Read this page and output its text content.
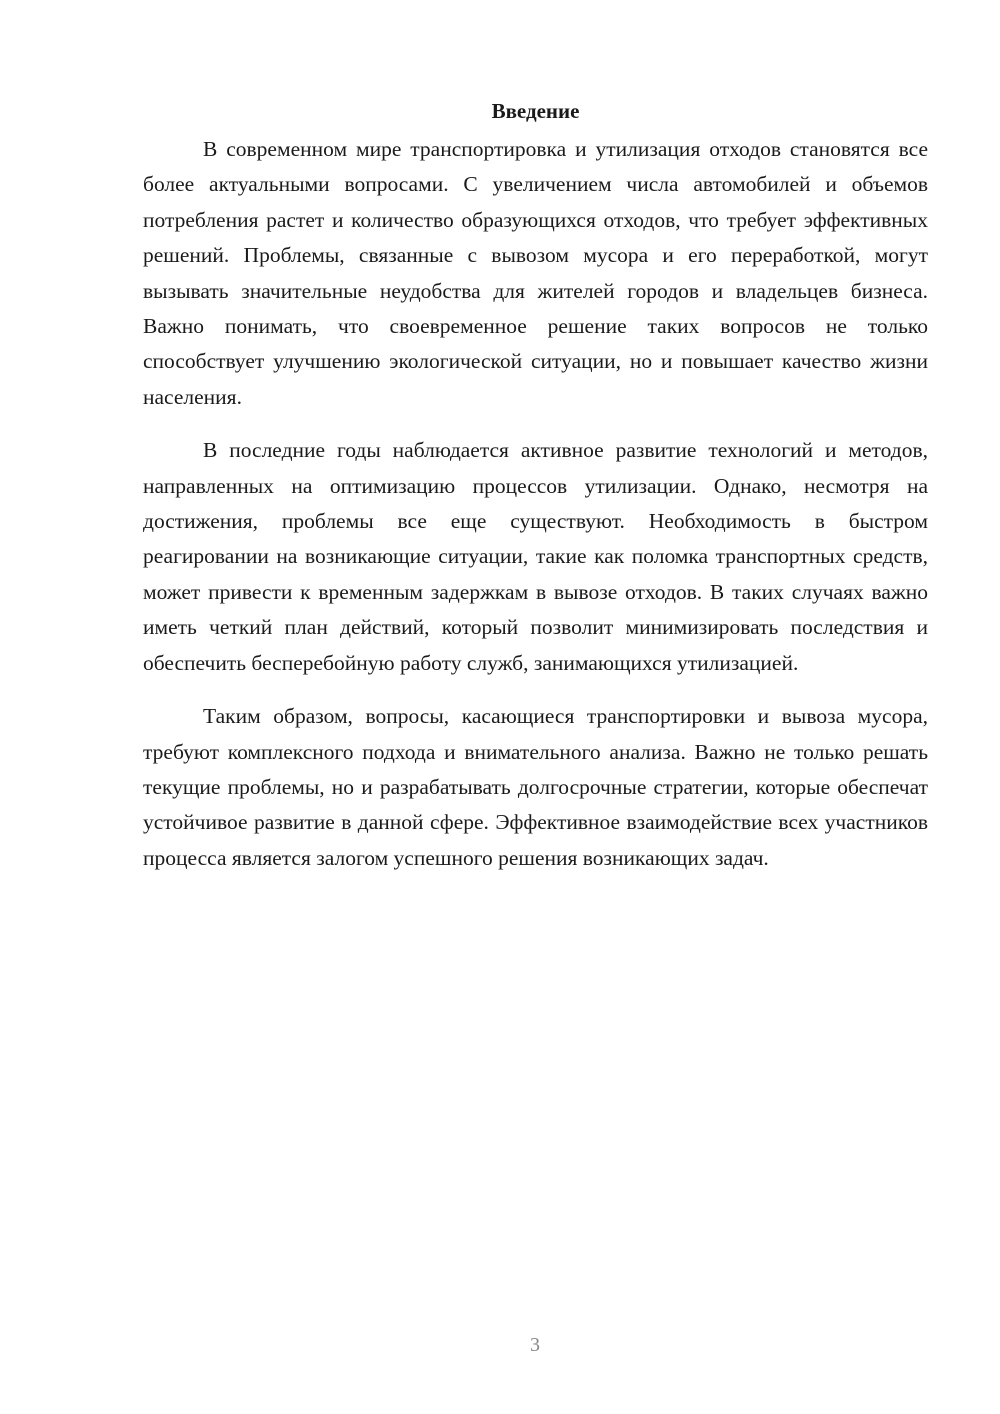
Введение

В современном мире транспортировка и утилизация отходов становятся все более актуальными вопросами. С увеличением числа автомобилей и объемов потребления растет и количество образующихся отходов, что требует эффективных решений. Проблемы, связанные с вывозом мусора и его переработкой, могут вызывать значительные неудобства для жителей городов и владельцев бизнеса. Важно понимать, что своевременное решение таких вопросов не только способствует улучшению экологической ситуации, но и повышает качество жизни населения.

В последние годы наблюдается активное развитие технологий и методов, направленных на оптимизацию процессов утилизации. Однако, несмотря на достижения, проблемы все еще существуют. Необходимость в быстром реагировании на возникающие ситуации, такие как поломка транспортных средств, может привести к временным задержкам в вывозе отходов. В таких случаях важно иметь четкий план действий, который позволит минимизировать последствия и обеспечить бесперебойную работу служб, занимающихся утилизацией.

Таким образом, вопросы, касающиеся транспортировки и вывоза мусора, требуют комплексного подхода и внимательного анализа. Важно не только решать текущие проблемы, но и разрабатывать долгосрочные стратегии, которые обеспечат устойчивое развитие в данной сфере. Эффективное взаимодействие всех участников процесса является залогом успешного решения возникающих задач.

3
